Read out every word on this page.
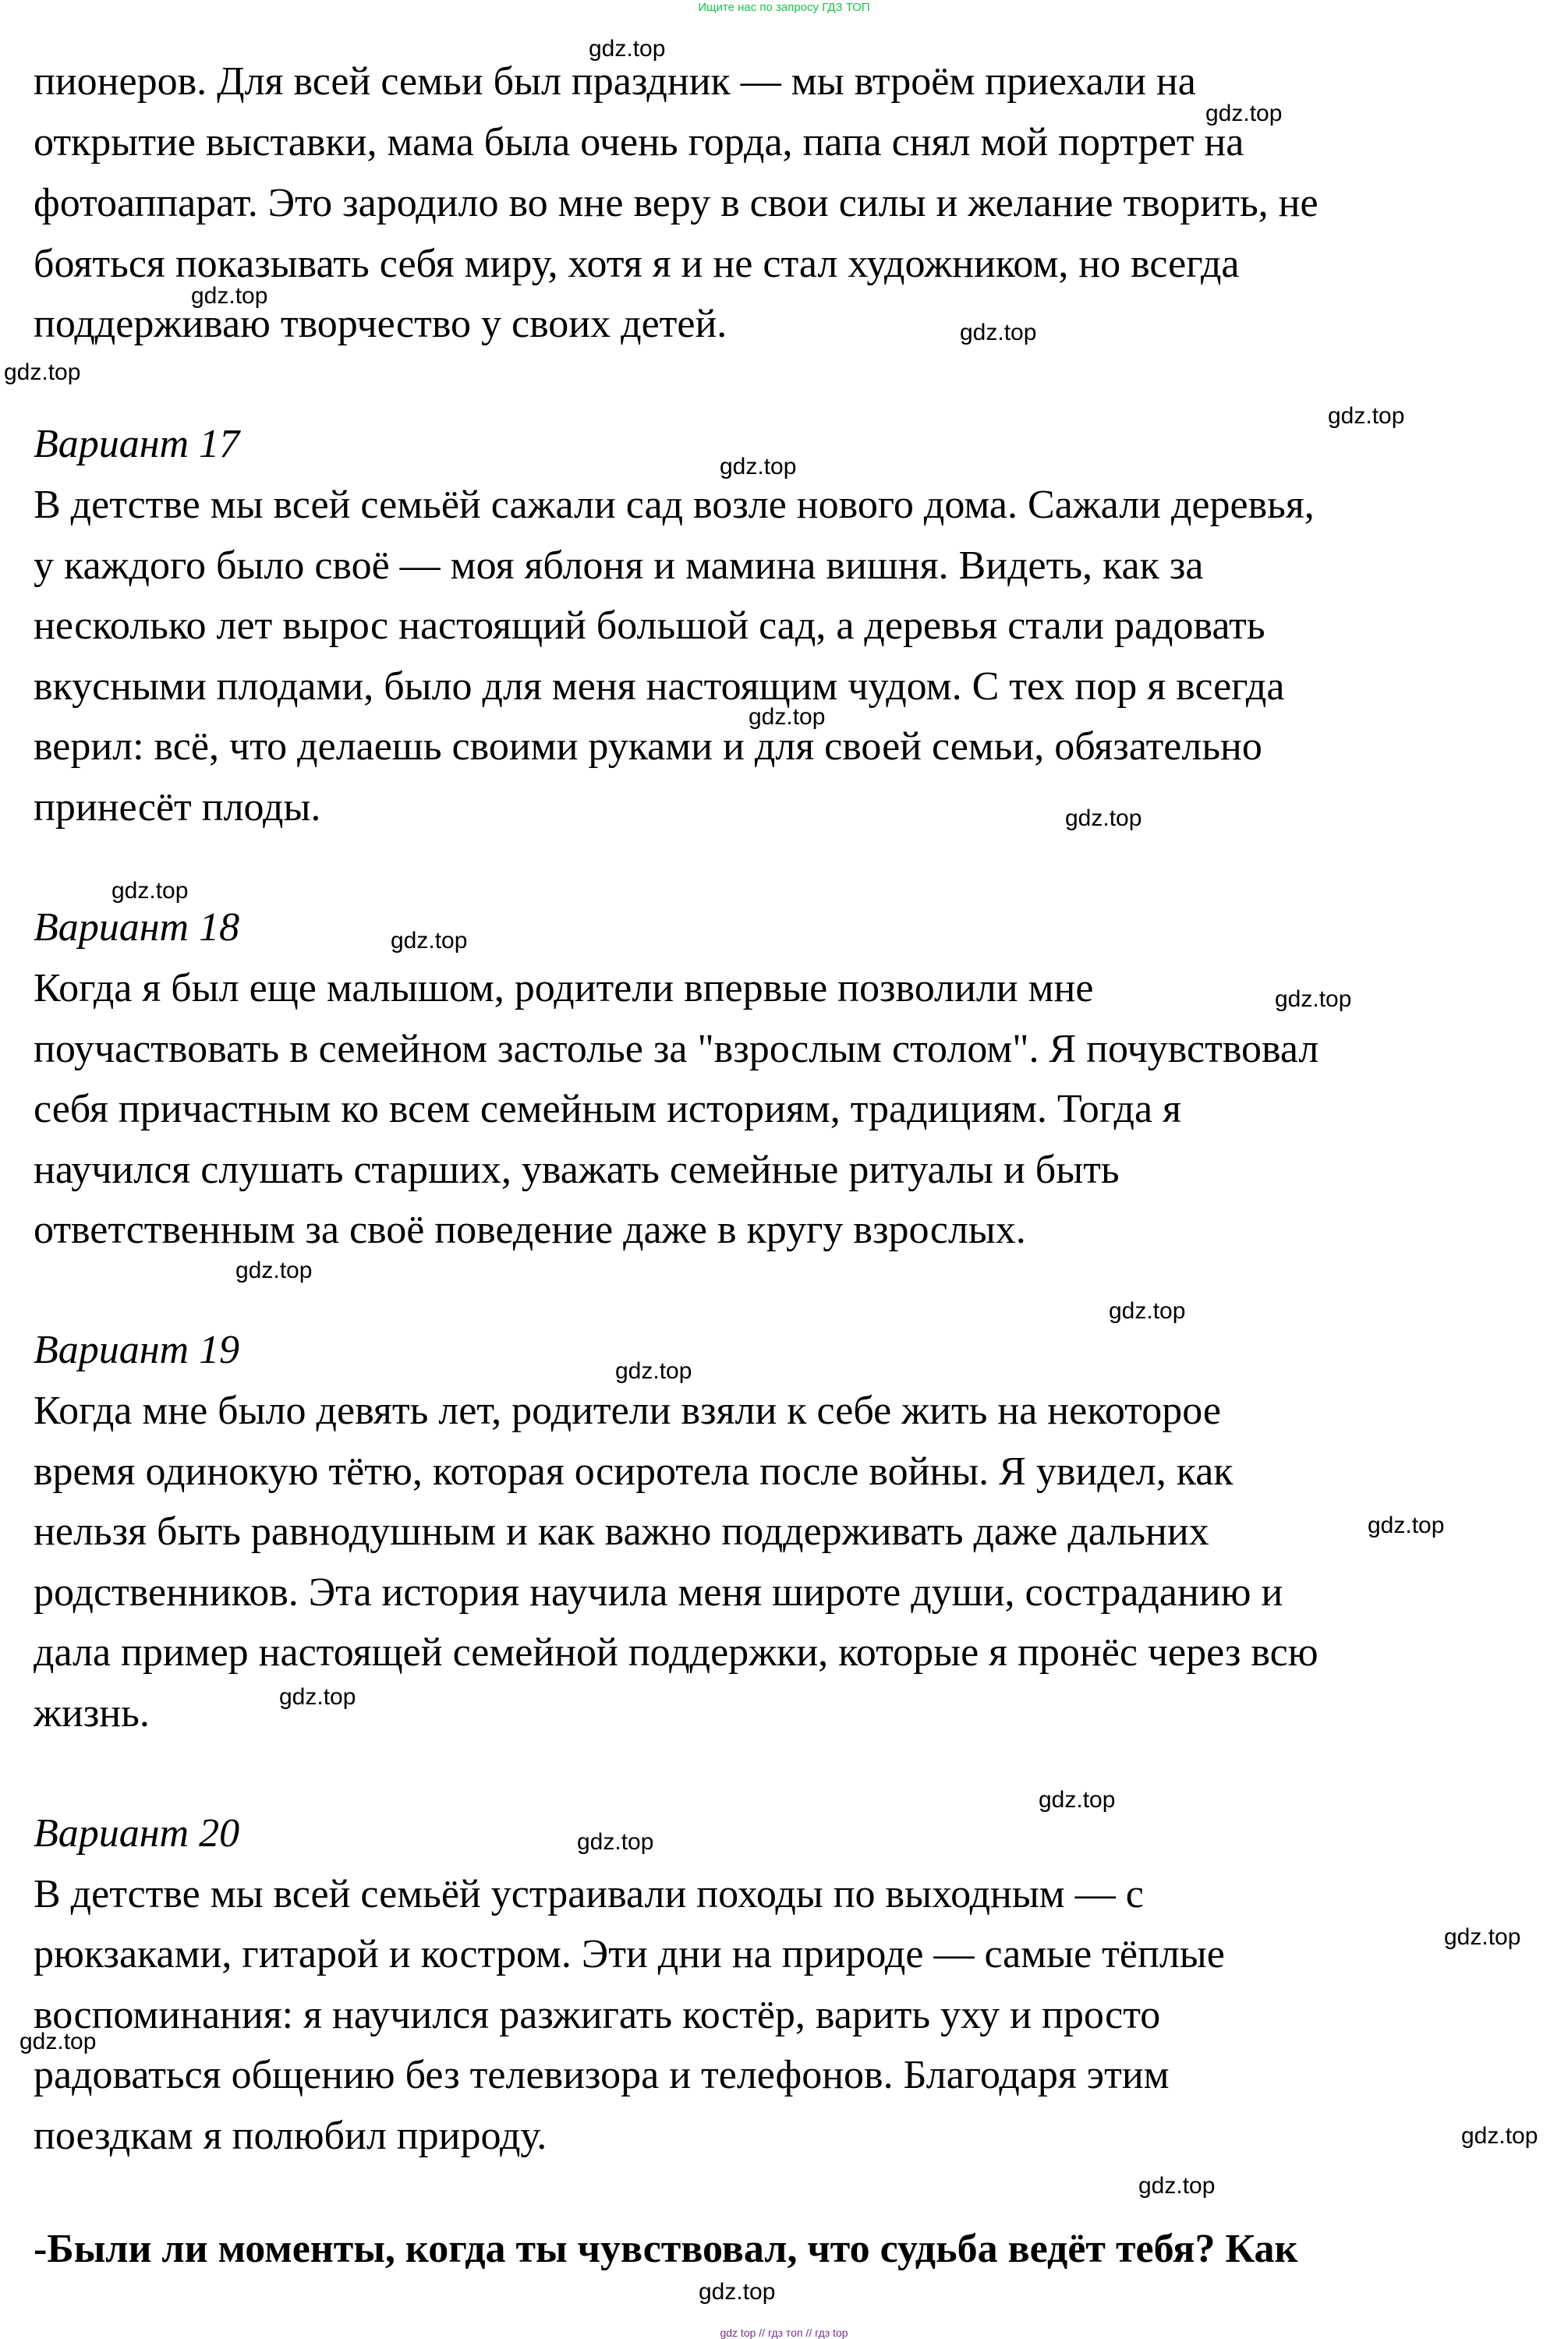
Ищите нас по запросу ГДЗ ТОП
пионеров. Для всей семьи был праздник — мы втроём приехали на
открытие выставки, мама была очень горда, папа снял мой портрет на
фотоаппарат. Это зародило во мне веру в свои силы и желание творить, не
бояться показывать себя миру, хотя я и не стал художником, но всегда
поддерживаю творчество у своих детей.
Вариант 17
В детстве мы всей семьёй сажали сад возле нового дома. Сажали деревья,
у каждого было своё — моя яблоня и мамина вишня. Видеть, как за
несколько лет вырос настоящий большой сад, а деревья стали радовать
вкусными плодами, было для меня настоящим чудом. С тех пор я всегда
верил: всё, что делаешь своими руками и для своей семьи, обязательно
принесёт плоды.
Вариант 18
Когда я был еще малышом, родители впервые позволили мне
поучаствовать в семейном застолье за "взрослым столом". Я почувствовал
себя причастным ко всем семейным историям, традициям. Тогда я
научился слушать старших, уважать семейные ритуалы и быть
ответственным за своё поведение даже в кругу взрослых.
Вариант 19
Когда мне было девять лет, родители взяли к себе жить на некоторое
время одинокую тётю, которая осиротела после войны. Я увидел, как
нельзя быть равнодушным и как важно поддерживать даже дальних
родственников. Эта история научила меня широте души, состраданию и
дала пример настоящей семейной поддержки, которые я пронёс через всю
жизнь.
Вариант 20
В детстве мы всей семьёй устраивали походы по выходным — с
рюкзаками, гитарой и костром. Эти дни на природе — самые тёплые
воспоминания: я научился разжигать костёр, варить уху и просто
радоваться общению без телевизора и телефонов. Благодаря этим
поездкам я полюбил природу.
-Были ли моменты, когда ты чувствовал, что судьба ведёт тебя? Как
gdz.top
gdz.top
gdz.top
gdz.top
gdz.top
gdz.top
gdz.top
gdz.top
gdz.top
gdz.top
gdz.top
gdz.top
gdz.top
gdz.top
gdz.top
gdz.top
gdz.top
gdz.top
gdz.top
gdz.top
gdz.top
gdz.top
gdz.top
gdz.top
gdz top // гдз топ // гдз top
